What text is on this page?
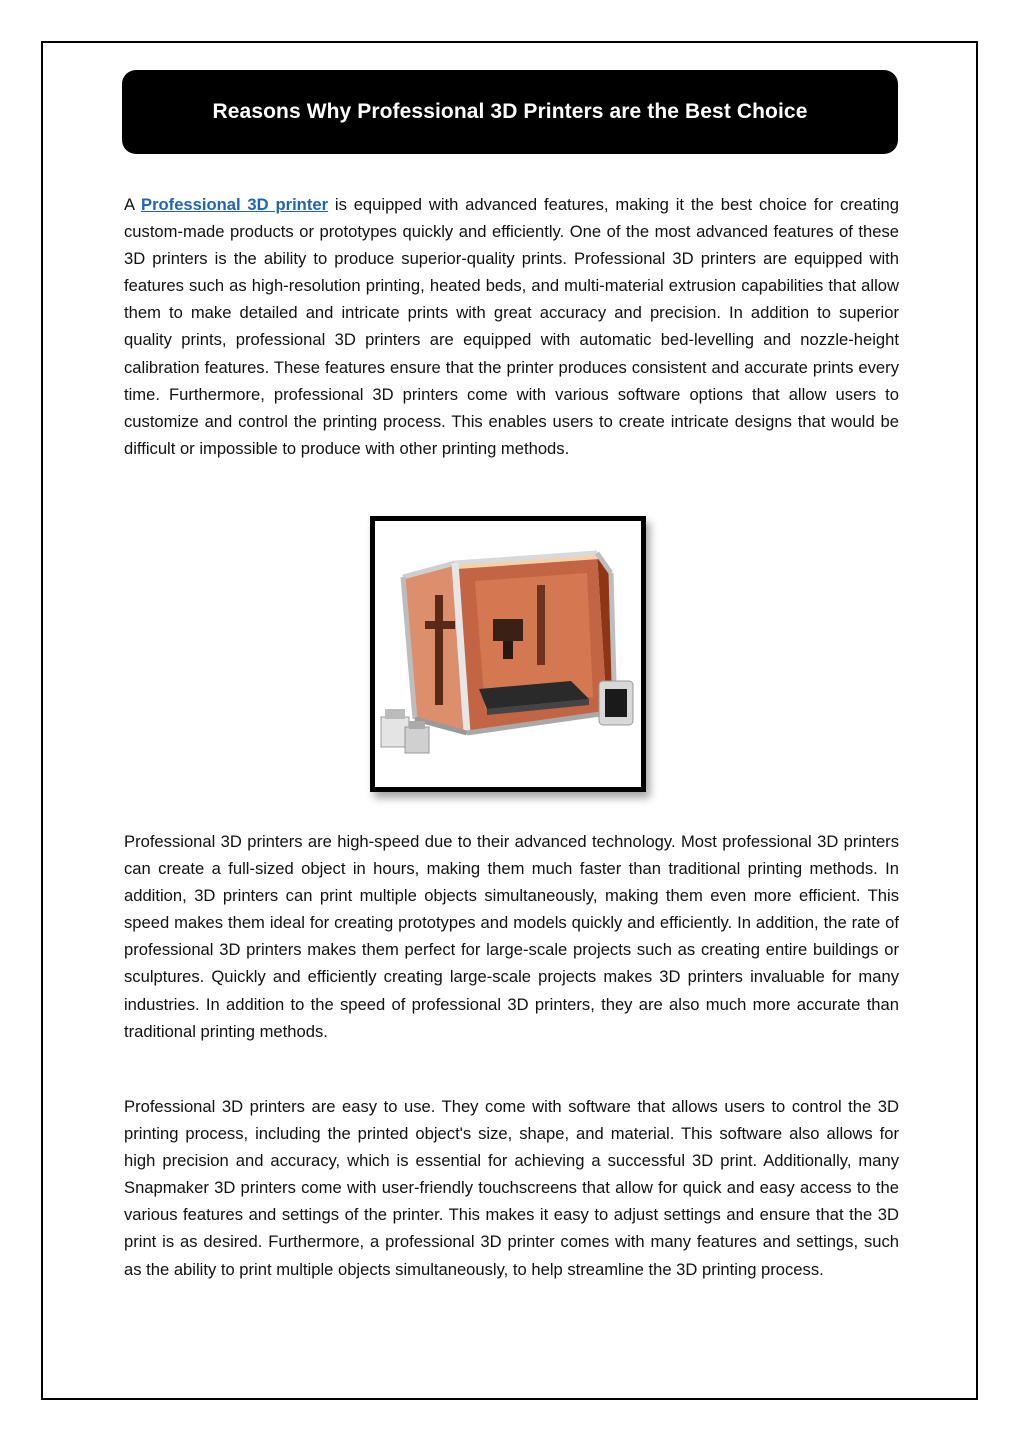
Reasons Why Professional 3D Printers are the Best Choice

A Professional 3D printer is equipped with advanced features, making it the best choice for creating custom-made products or prototypes quickly and efficiently. One of the most advanced features of these 3D printers is the ability to produce superior-quality prints. Professional 3D printers are equipped with features such as high-resolution printing, heated beds, and multi-material extrusion capabilities that allow them to make detailed and intricate prints with great accuracy and precision. In addition to superior quality prints, professional 3D printers are equipped with automatic bed-levelling and nozzle-height calibration features. These features ensure that the printer produces consistent and accurate prints every time. Furthermore, professional 3D printers come with various software options that allow users to customize and control the printing process. This enables users to create intricate designs that would be difficult or impossible to produce with other printing methods.

Professional 3D printers are high-speed due to their advanced technology. Most professional 3D printers can create a full-sized object in hours, making them much faster than traditional printing methods. In addition, 3D printers can print multiple objects simultaneously, making them even more efficient. This speed makes them ideal for creating prototypes and models quickly and efficiently. In addition, the rate of professional 3D printers makes them perfect for large-scale projects such as creating entire buildings or sculptures. Quickly and efficiently creating large-scale projects makes 3D printers invaluable for many industries. In addition to the speed of professional 3D printers, they are also much more accurate than traditional printing methods.

Professional 3D printers are easy to use. They come with software that allows users to control the 3D printing process, including the printed object's size, shape, and material. This software also allows for high precision and accuracy, which is essential for achieving a successful 3D print. Additionally, many Snapmaker 3D printers come with user-friendly touchscreens that allow for quick and easy access to the various features and settings of the printer. This makes it easy to adjust settings and ensure that the 3D print is as desired. Furthermore, a professional 3D printer comes with many features and settings, such as the ability to print multiple objects simultaneously, to help streamline the 3D printing process.
